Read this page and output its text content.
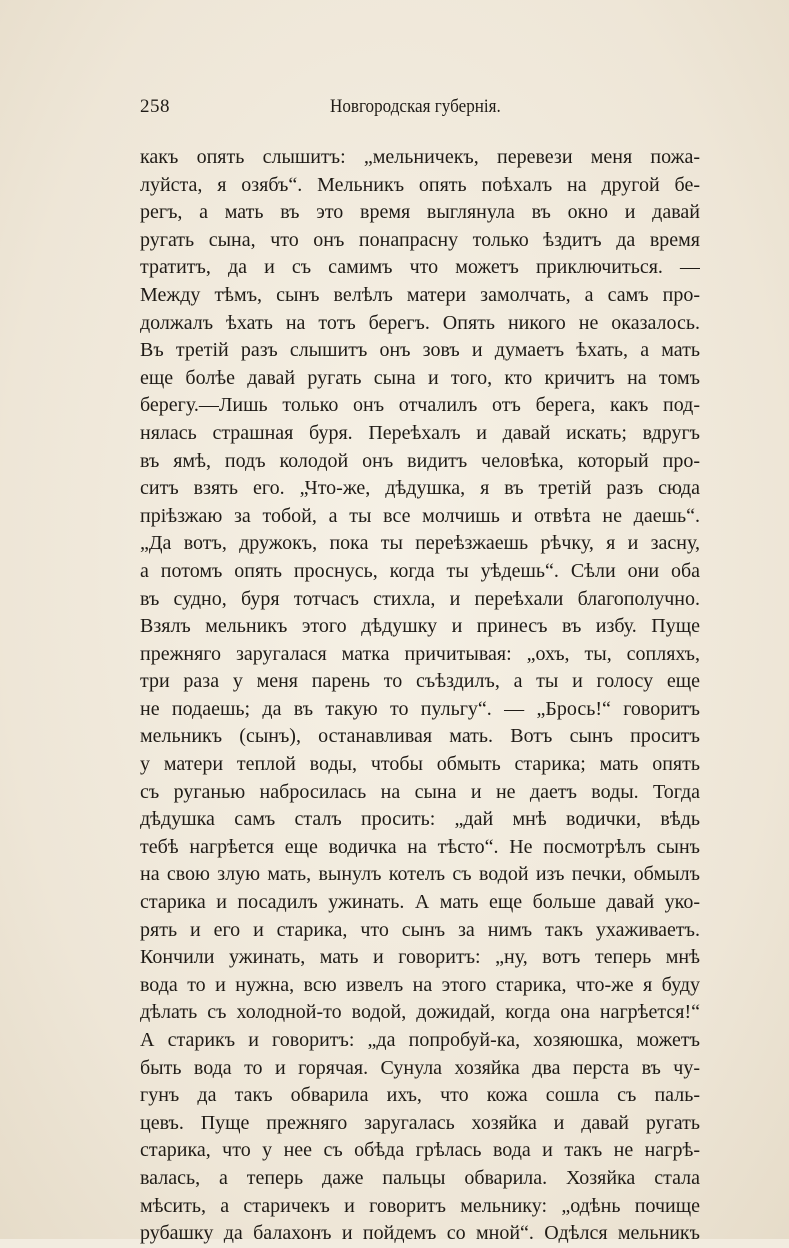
258	Новгородская губернія.
какъ опять слышитъ: „мельничекъ, перевези меня пожа-
луйста, я озябъ“. Мельникъ опять поѣхалъ на другой бе-
регъ, а мать въ это время выглянула въ окно и давай
ругать сына, что онъ понапрасну только ѣздитъ да время
тратитъ, да и съ самимъ что можетъ приключиться. —
Между тѣмъ, сынъ велѣлъ матери замолчать, а самъ про-
должалъ ѣхать на тотъ берегъ. Опять никого не оказалось.
Въ третій разъ слышитъ онъ зовъ и думаетъ ѣхать, а мать
еще болѣе давай ругать сына и того, кто кричитъ на томъ
берегу.—Лишь только онъ отчалилъ отъ берега, какъ под-
нялась страшная буря. Переѣхалъ и давай искать; вдругъ
въ ямѣ, подъ колодой онъ видитъ человѣка, который про-
ситъ взять его. „Что-же, дѣдушка, я въ третій разъ сюда
пріѣзжаю за тобой, а ты все молчишь и отвѣта не даешь“.
„Да вотъ, дружокъ, пока ты переѣзжаешь рѣчку, я и засну,
а потомъ опять проснусь, когда ты уѣдешь“. Сѣли они оба
въ судно, буря тотчасъ стихла, и переѣхали благополучно.
Взялъ мельникъ этого дѣдушку и принесъ въ избу. Пуще
прежняго заругалася матка причитывая: „охъ, ты, сопляхъ,
три раза у меня парень то съѣздилъ, а ты и голосу еще
не подаешь; да въ такую то пульгу“. — „Брось!“ говоритъ
мельникъ (сынъ), останавливая мать. Вотъ сынъ проситъ
у матери теплой воды, чтобы обмыть старика; мать опять
съ руганью набросилась на сына и не даетъ воды. Тогда
дѣдушка самъ сталъ просить: „дай мнѣ водички, вѣдь
тебѣ нагрѣется еще водичка на тѣсто“. Не посмотрѣлъ сынъ
на свою злую мать, вынулъ котелъ съ водой изъ печки, обмылъ
старика и посадилъ ужинать. А мать еще больше давай уко-
рять и его и старика, что сынъ за нимъ такъ ухаживаетъ.
Кончили ужинать, мать и говоритъ: „ну, вотъ теперь мнѣ
вода то и нужна, всю извелъ на этого старика, что-же я буду
дѣлать съ холодной-то водой, дожидай, когда она нагрѣется!“
А старикъ и говоритъ: „да попробуй-ка, хозяюшка, можетъ
быть вода то и горячая. Сунула хозяйка два перста въ чу-
гунъ да такъ обварила ихъ, что кожа сошла съ паль-
цевъ. Пуще прежняго заругалась хозяйка и давай ругать
старика, что у нее съ обѣда грѣлась вода и такъ не нагрѣ-
валась, а теперь даже пальцы обварила. Хозяйка стала
мѣсить, а старичекъ и говоритъ мельнику: „одѣнь почище
рубашку да балахонъ и пойдемъ со мной“. Одѣлся мельникъ
